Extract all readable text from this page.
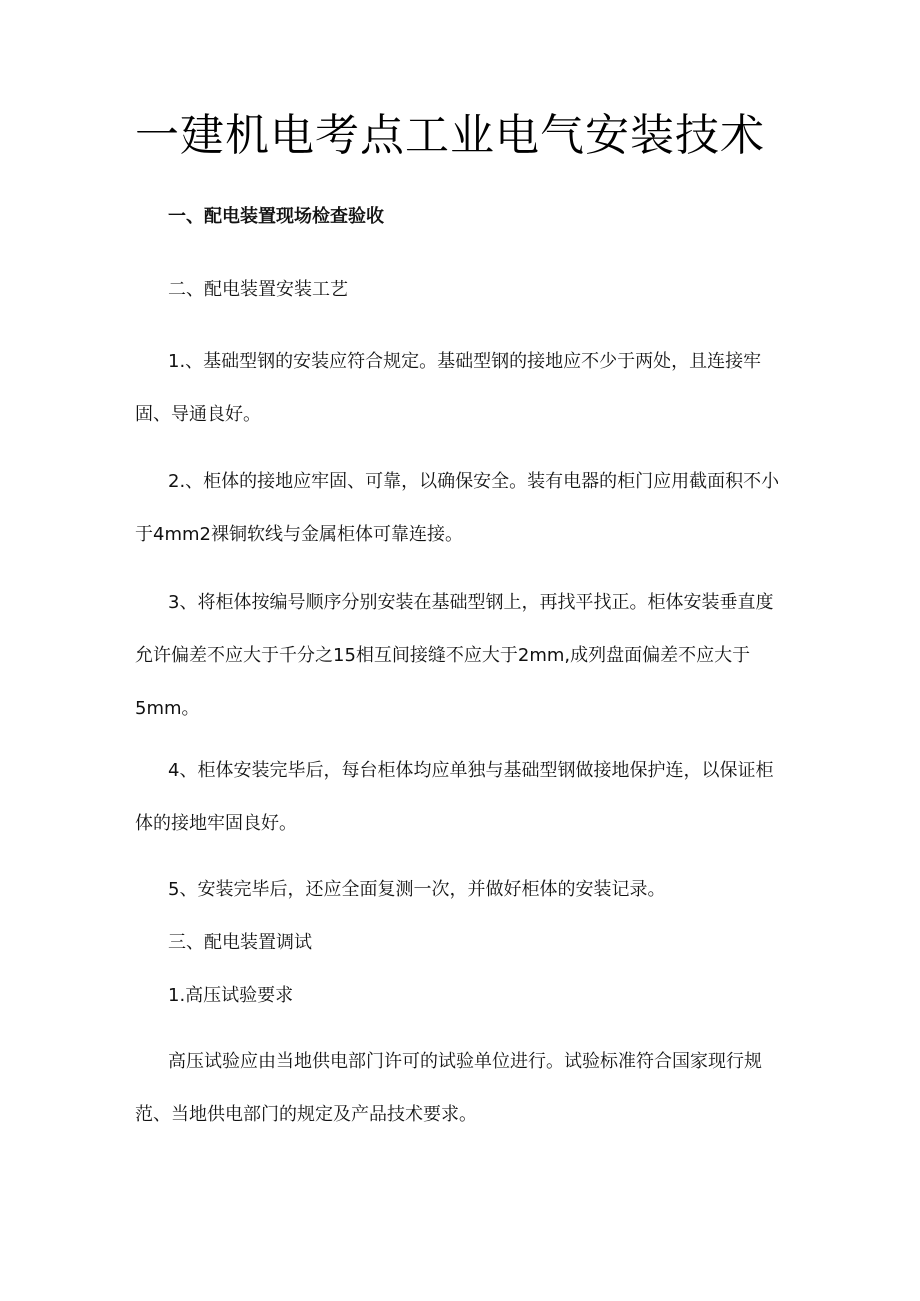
一建机电考点工业电气安装技术
一、配电装置现场检查验收
二、配电装置安装工艺

1.、基础型钢的安装应符合规定。基础型钢的接地应不少于两处，且连接牢固、导通良好。

2.、柜体的接地应牢固、可靠，以确保安全。装有电器的柜门应用截面积不小于4mm2裸铜软线与金属柜体可靠连接。

3、将柜体按编号顺序分别安装在基础型钢上，再找平找正。柜体安装垂直度允许偏差不应大于千分之15相互间接缝不应大于2mm,成列盘面偏差不应大于5mm。

4、柜体安装完毕后，每台柜体均应单独与基础型钢做接地保护连，以保证柜体的接地牢固良好。

5、安装完毕后，还应全面复测一次，并做好柜体的安装记录。
三、配电装置调试
1.高压试验要求

高压试验应由当地供电部门许可的试验单位进行。试验标准符合国家现行规范、当地供电部门的规定及产品技术要求。
